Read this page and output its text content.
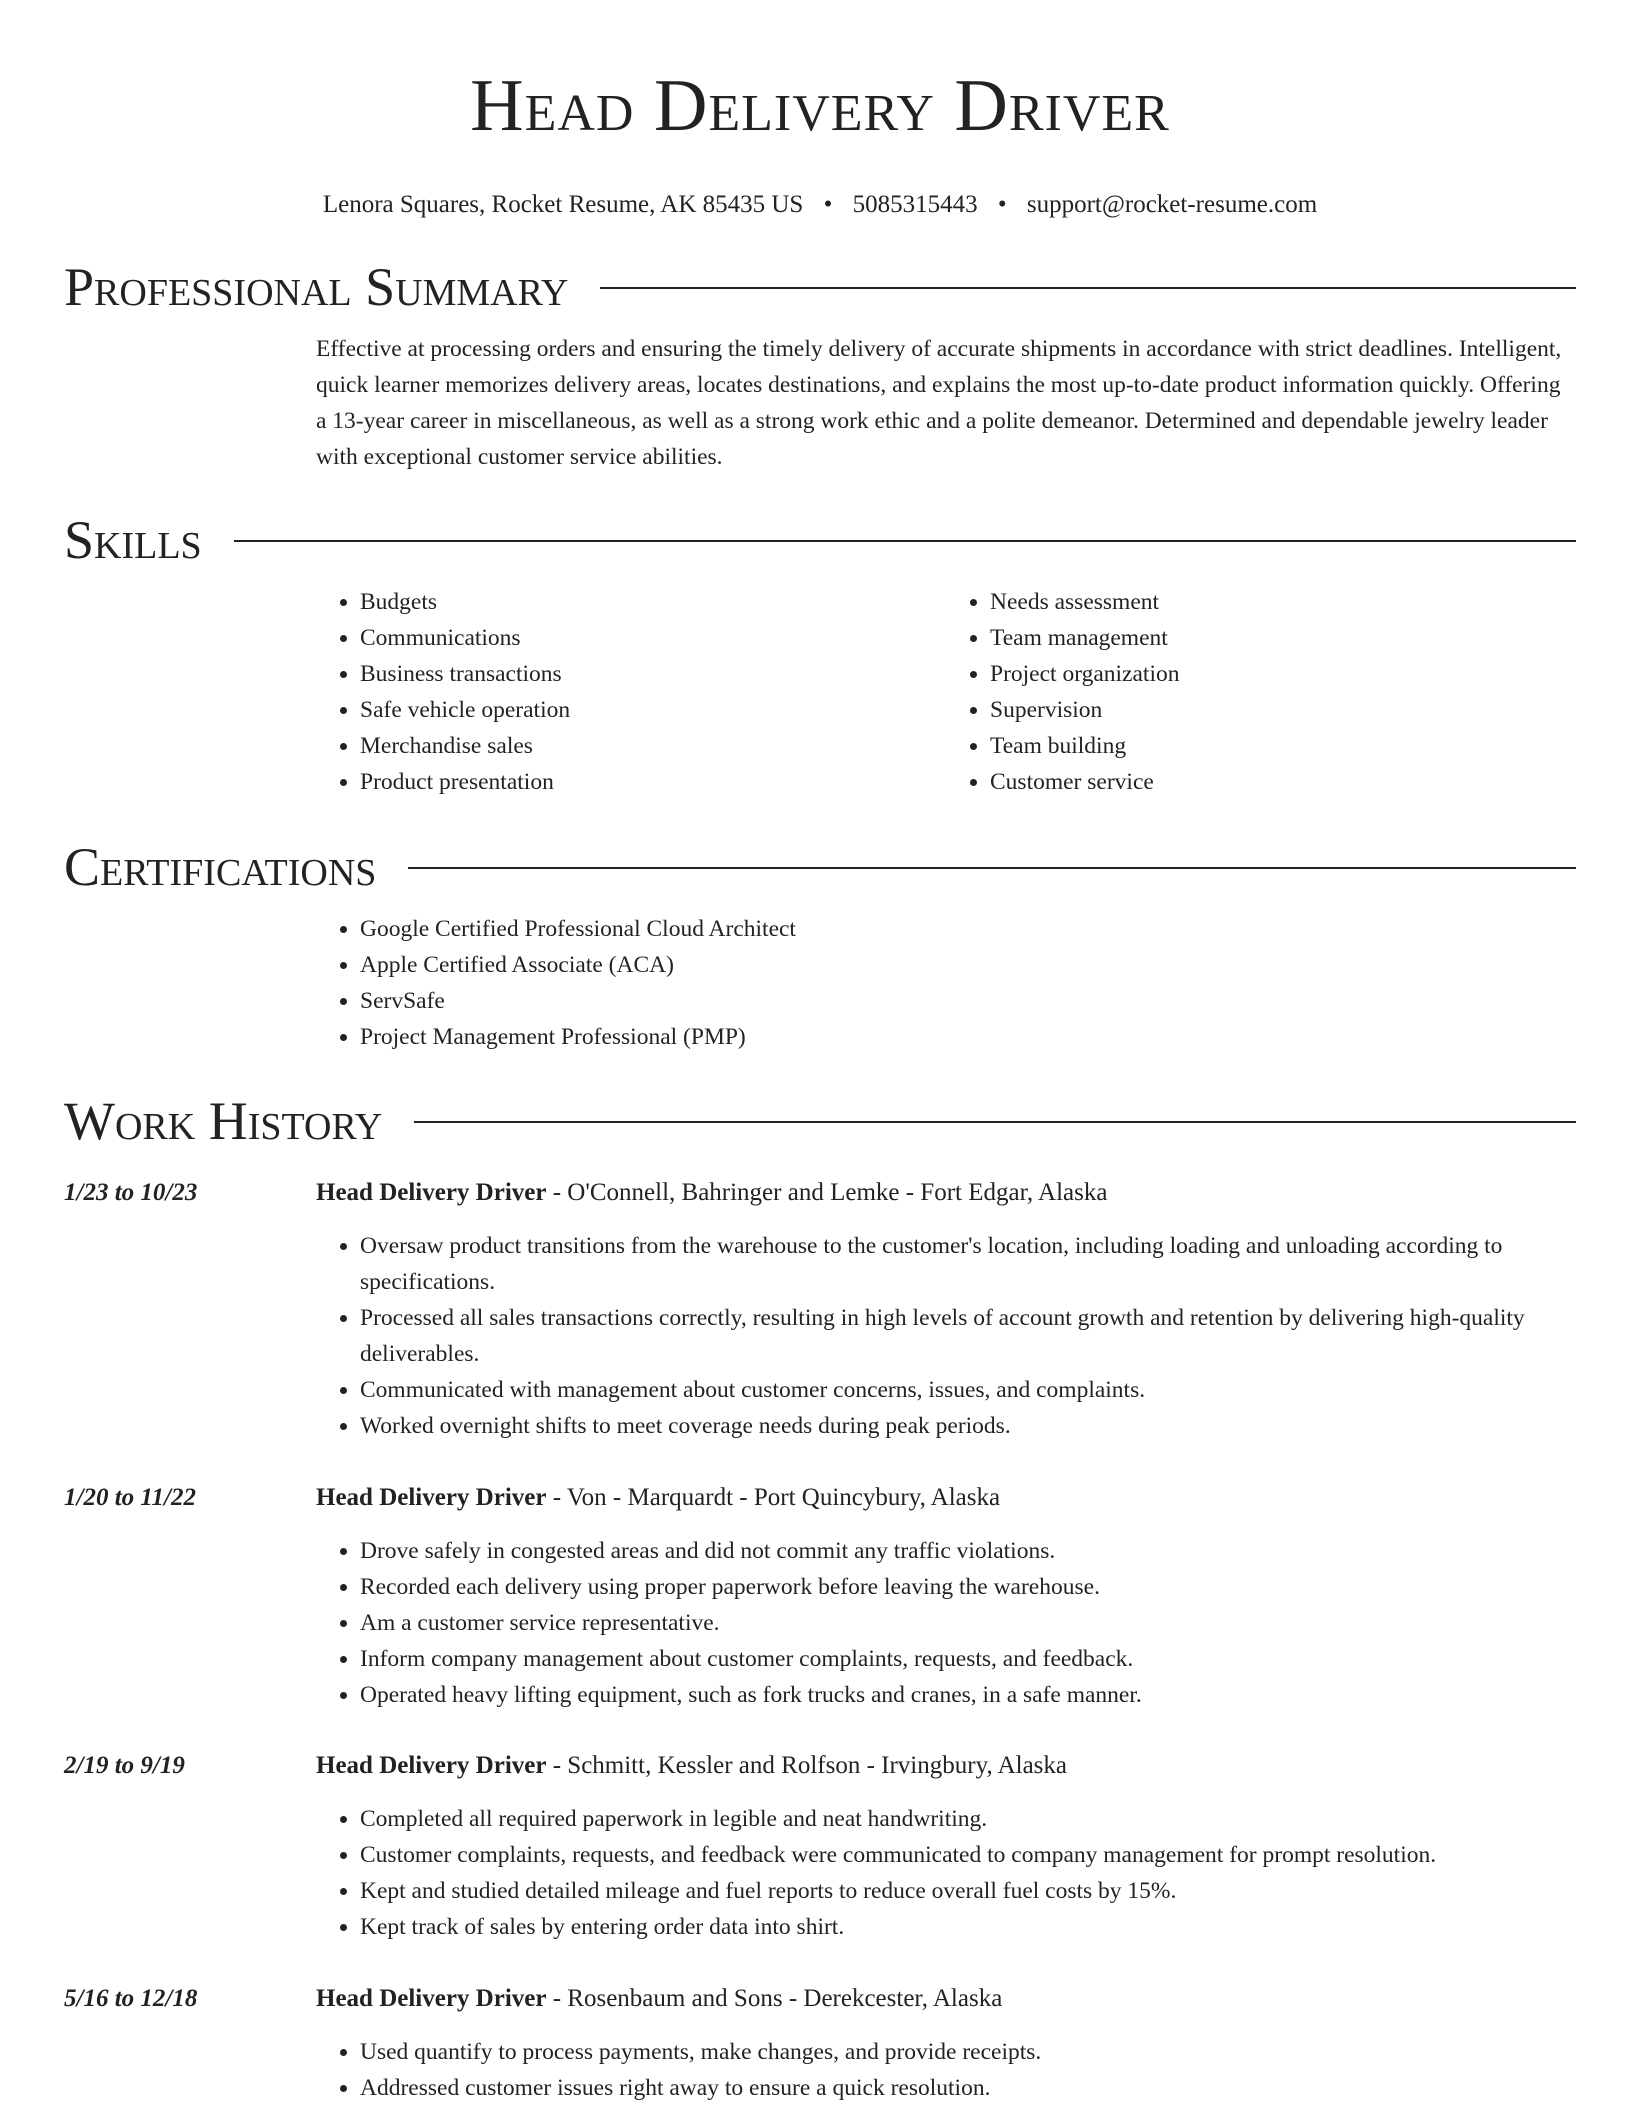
Head Delivery Driver
Lenora Squares, Rocket Resume, AK 85435 US • 5085315443 • support@rocket-resume.com
Professional Summary
Effective at processing orders and ensuring the timely delivery of accurate shipments in accordance with strict deadlines. Intelligent, quick learner memorizes delivery areas, locates destinations, and explains the most up-to-date product information quickly. Offering a 13-year career in miscellaneous, as well as a strong work ethic and a polite demeanor. Determined and dependable jewelry leader with exceptional customer service abilities.
Skills
• Budgets
• Communications
• Business transactions
• Safe vehicle operation
• Merchandise sales
• Product presentation
• Needs assessment
• Team management
• Project organization
• Supervision
• Team building
• Customer service
Certifications
• Google Certified Professional Cloud Architect
• Apple Certified Associate (ACA)
• ServSafe
• Project Management Professional (PMP)
Work History
1/23 to 10/23	Head Delivery Driver - O'Connell, Bahringer and Lemke - Fort Edgar, Alaska
• Oversaw product transitions from the warehouse to the customer's location, including loading and unloading according to specifications.
• Processed all sales transactions correctly, resulting in high levels of account growth and retention by delivering high-quality deliverables.
• Communicated with management about customer concerns, issues, and complaints.
• Worked overnight shifts to meet coverage needs during peak periods.
1/20 to 11/22	Head Delivery Driver - Von - Marquardt - Port Quincybury, Alaska
• Drove safely in congested areas and did not commit any traffic violations.
• Recorded each delivery using proper paperwork before leaving the warehouse.
• Am a customer service representative.
• Inform company management about customer complaints, requests, and feedback.
• Operated heavy lifting equipment, such as fork trucks and cranes, in a safe manner.
2/19 to 9/19	Head Delivery Driver - Schmitt, Kessler and Rolfson - Irvingbury, Alaska
• Completed all required paperwork in legible and neat handwriting.
• Customer complaints, requests, and feedback were communicated to company management for prompt resolution.
• Kept and studied detailed mileage and fuel reports to reduce overall fuel costs by 15%.
• Kept track of sales by entering order data into shirt.
5/16 to 12/18	Head Delivery Driver - Rosenbaum and Sons - Derekcester, Alaska
• Used quantify to process payments, make changes, and provide receipts.
• Addressed customer issues right away to ensure a quick resolution.
